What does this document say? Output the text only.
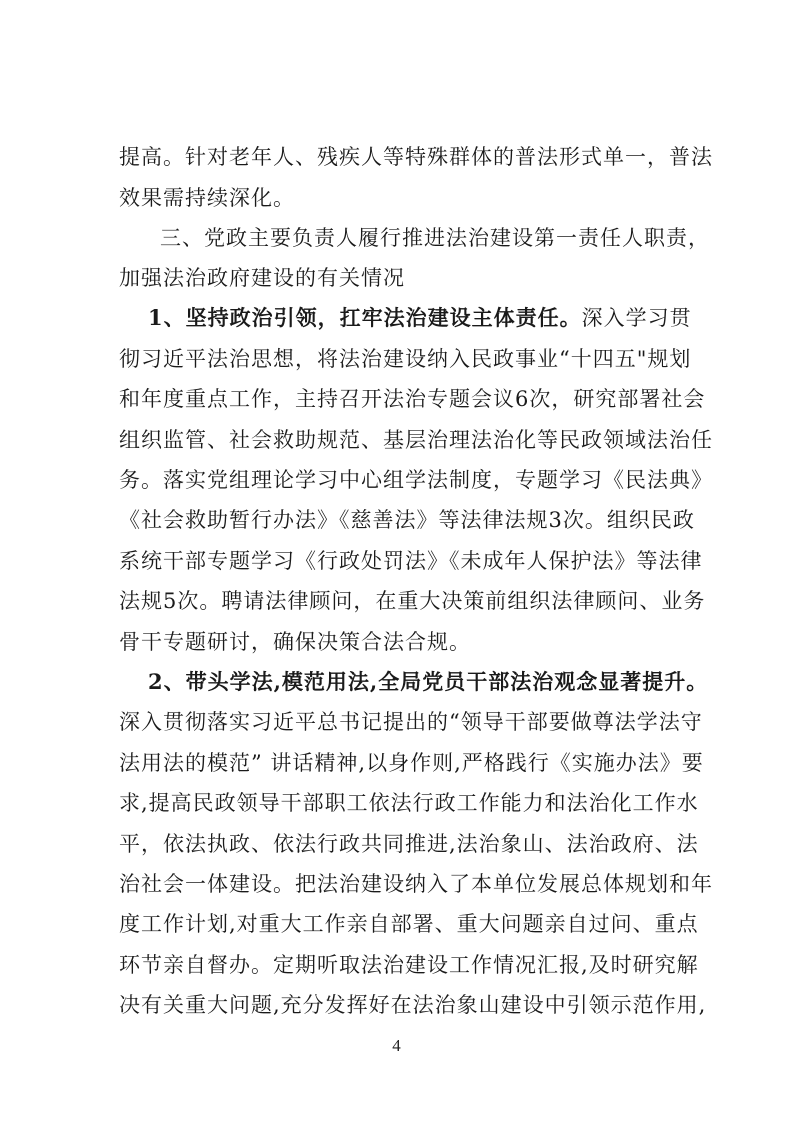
提高。针对老年人、残疾人等特殊群体的普法形式单一，普法
效果需持续深化。
三、党政主要负责人履行推进法治建设第一责任人职责，
加强法治政府建设的有关情况
1、坚持政治引领，扛牢法治建设主体责任。深入学习贯
彻习近平法治思想，将法治建设纳入民政事业“十四五"规划
和年度重点工作，主持召开法治专题会议6次，研究部署社会
组织监管、社会救助规范、基层治理法治化等民政领域法治任
务。落实党组理论学习中心组学法制度，专题学习《民法典》
《社会救助暂行办法》《慈善法》等法律法规3次。组织民政
系统干部专题学习《行政处罚法》《未成年人保护法》等法律
法规5次。聘请法律顾问，在重大决策前组织法律顾问、业务
骨干专题研讨，确保决策合法合规。
2、带头学法,模范用法,全局党员干部法治观念显著提升。
深入贯彻落实习近平总书记提出的“领导干部要做尊法学法守
法用法的模范” 讲话精神,以身作则,严格践行《实施办法》要
求,提高民政领导干部职工依法行政工作能力和法治化工作水
平，依法执政、依法行政共同推进,法治象山、法治政府、法
治社会一体建设。把法治建设纳入了本单位发展总体规划和年
度工作计划,对重大工作亲自部署、重大问题亲自过问、重点
环节亲自督办。定期听取法治建设工作情况汇报,及时研究解
决有关重大问题,充分发挥好在法治象山建设中引领示范作用,
4
